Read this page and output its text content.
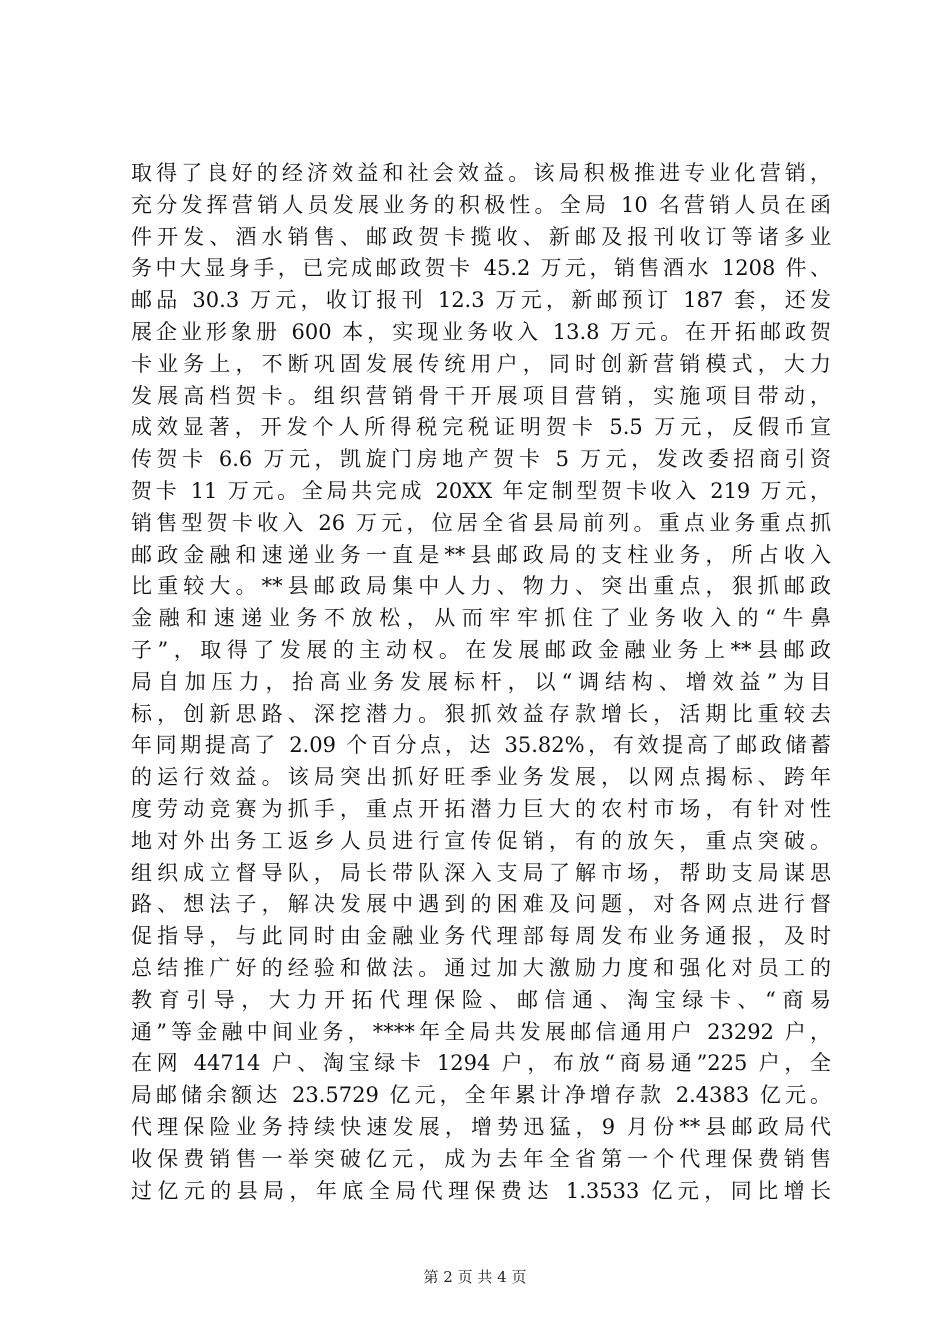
取得了良好的经济效益和社会效益。该局积极推进专业化营销，
充分发挥营销人员发展业务的积极性。全局 10 名营销人员在函
件开发、酒水销售、邮政贺卡揽收、新邮及报刊收订等诸多业
务中大显身手，已完成邮政贺卡 45.2 万元，销售酒水 1208 件、
邮品 30.3 万元，收订报刊 12.3 万元，新邮预订 187 套，还发
展企业形象册 600 本，实现业务收入 13.8 万元。在开拓邮政贺
卡业务上，不断巩固发展传统用户，同时创新营销模式，大力
发展高档贺卡。组织营销骨干开展项目营销，实施项目带动，
成效显著，开发个人所得税完税证明贺卡 5.5 万元，反假币宣
传贺卡 6.6 万元，凯旋门房地产贺卡 5 万元，发改委招商引资
贺卡 11 万元。全局共完成 20XX 年定制型贺卡收入 219 万元，
销售型贺卡收入 26 万元，位居全省县局前列。重点业务重点抓
邮政金融和速递业务一直是**县邮政局的支柱业务，所占收入
比重较大。**县邮政局集中人力、物力、突出重点，狠抓邮政
金融和速递业务不放松，从而牢牢抓住了业务收入的“牛鼻
子”，取得了发展的主动权。在发展邮政金融业务上**县邮政
局自加压力，抬高业务发展标杆，以“调结构、增效益”为目
标，创新思路、深挖潜力。狠抓效益存款增长，活期比重较去
年同期提高了 2.09 个百分点，达 35.82%，有效提高了邮政储蓄
的运行效益。该局突出抓好旺季业务发展，以网点揭标、跨年
度劳动竞赛为抓手，重点开拓潜力巨大的农村市场，有针对性
地对外出务工返乡人员进行宣传促销，有的放矢，重点突破。
组织成立督导队，局长带队深入支局了解市场，帮助支局谋思
路、想法子，解决发展中遇到的困难及问题，对各网点进行督
促指导，与此同时由金融业务代理部每周发布业务通报，及时
总结推广好的经验和做法。通过加大激励力度和强化对员工的
教育引导，大力开拓代理保险、邮信通、淘宝绿卡、“商易
通”等金融中间业务，****年全局共发展邮信通用户 23292 户，
在网 44714 户、淘宝绿卡 1294 户，布放“商易通”225 户，全
局邮储余额达 23.5729 亿元，全年累计净增存款 2.4383 亿元。
代理保险业务持续快速发展，增势迅猛，9 月份**县邮政局代
收保费销售一举突破亿元，成为去年全省第一个代理保费销售
过亿元的县局，年底全局代理保费达 1.3533 亿元，同比增长
第 2 页 共 4 页
